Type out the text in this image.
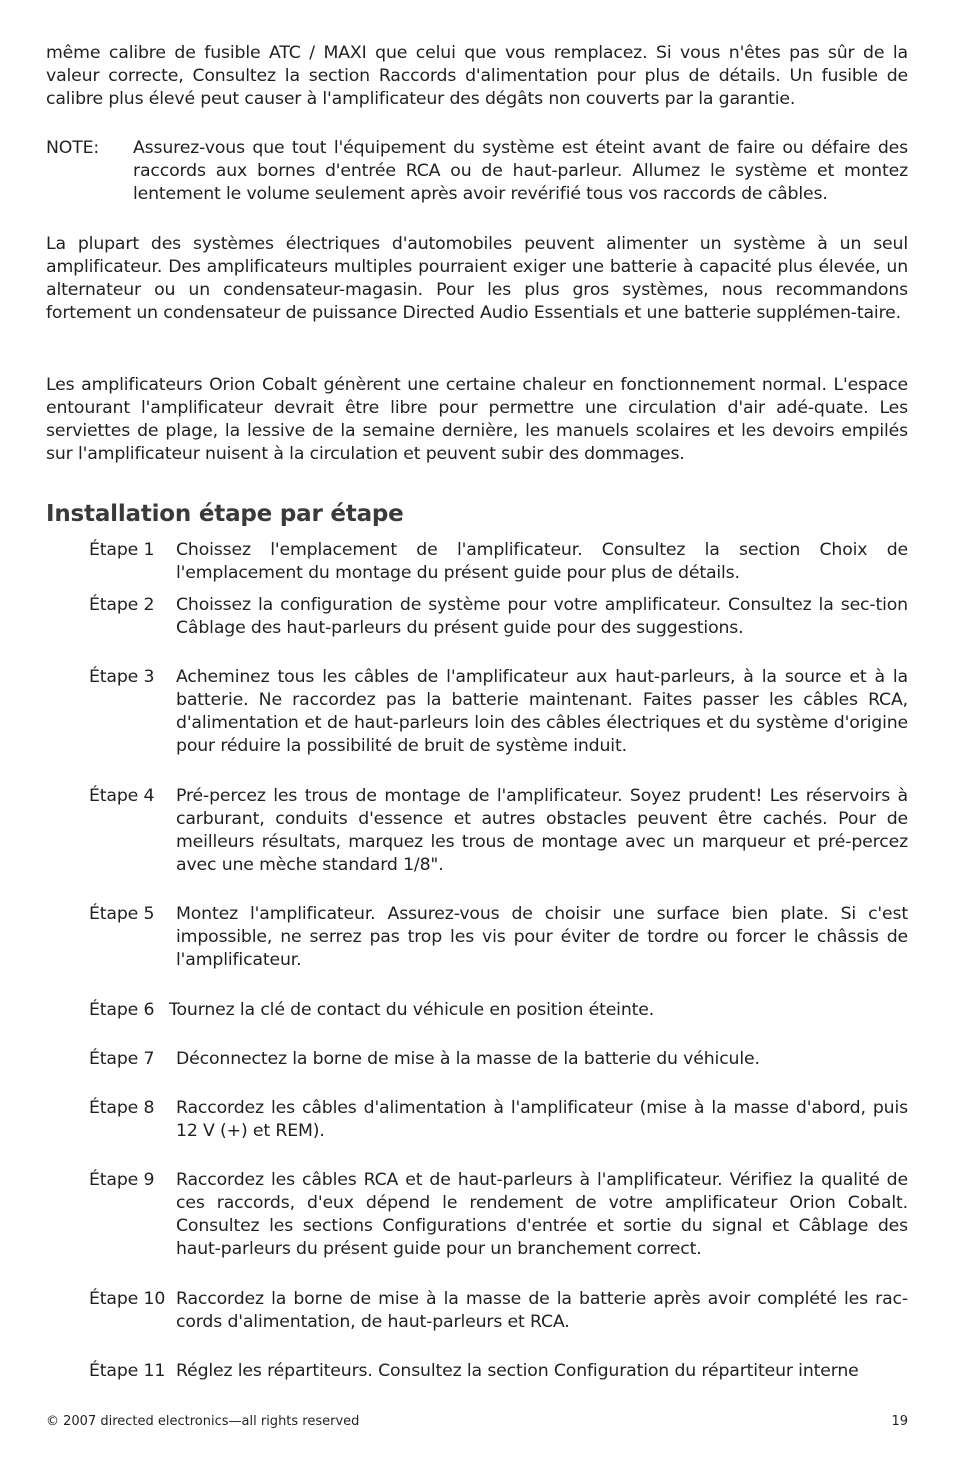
même calibre de fusible ATC / MAXI que celui que vous remplacez. Si vous n'êtes pas sûr de la valeur correcte, Consultez la section Raccords d'alimentation pour plus de détails. Un fusible de calibre plus élevé peut causer à l'amplificateur des dégâts non couverts par la garantie.

NOTE: Assurez-vous que tout l'équipement du système est éteint avant de faire ou défaire des raccords aux bornes d'entrée RCA ou de haut-parleur. Allumez le système et montez lentement le volume seulement après avoir revérifié tous vos raccords de câbles.

La plupart des systèmes électriques d'automobiles peuvent alimenter un système à un seul amplificateur. Des amplificateurs multiples pourraient exiger une batterie à capacité plus élevée, un alternateur ou un condensateur-magasin. Pour les plus gros systèmes, nous recommandons fortement un condensateur de puissance Directed Audio Essentials et une batterie supplémen-taire.

Les amplificateurs Orion Cobalt génèrent une certaine chaleur en fonctionnement normal. L'espace entourant l'amplificateur devrait être libre pour permettre une circulation d'air adé-quate. Les serviettes de plage, la lessive de la semaine dernière, les manuels scolaires et les devoirs empilés sur l'amplificateur nuisent à la circulation et peuvent subir des dommages.

Installation étape par étape
Étape 1 Choissez l'emplacement de l'amplificateur. Consultez la section Choix de l'emplacement du montage du présent guide pour plus de détails.
Étape 2 Choissez la configuration de système pour votre amplificateur. Consultez la sec-tion Câblage des haut-parleurs du présent guide pour des suggestions.
Étape 3 Acheminez tous les câbles de l'amplificateur aux haut-parleurs, à la source et à la batterie. Ne raccordez pas la batterie maintenant. Faites passer les câbles RCA, d'alimentation et de haut-parleurs loin des câbles électriques et du système d'origine pour réduire la possibilité de bruit de système induit.
Étape 4 Pré-percez les trous de montage de l'amplificateur. Soyez prudent! Les réservoirs à carburant, conduits d'essence et autres obstacles peuvent être cachés. Pour de meilleurs résultats, marquez les trous de montage avec un marqueur et pré-percez avec une mèche standard 1/8".
Étape 5 Montez l'amplificateur. Assurez-vous de choisir une surface bien plate. Si c'est impossible, ne serrez pas trop les vis pour éviter de tordre ou forcer le châssis de l'amplificateur.
Étape 6 Tournez la clé de contact du véhicule en position éteinte.
Étape 7 Déconnectez la borne de mise à la masse de la batterie du véhicule.
Étape 8 Raccordez les câbles d'alimentation à l'amplificateur (mise à la masse d'abord, puis 12 V (+) et REM).
Étape 9 Raccordez les câbles RCA et de haut-parleurs à l'amplificateur. Vérifiez la qualité de ces raccords, d'eux dépend le rendement de votre amplificateur Orion Cobalt. Consultez les sections Configurations d'entrée et sortie du signal et Câblage des haut-parleurs du présent guide pour un branchement correct.
Étape 10 Raccordez la borne de mise à la masse de la batterie après avoir complété les rac-cords d'alimentation, de haut-parleurs et RCA.
Étape 11 Réglez les répartiteurs. Consultez la section Configuration du répartiteur interne
© 2007 directed electronics—all rights reserved	19
